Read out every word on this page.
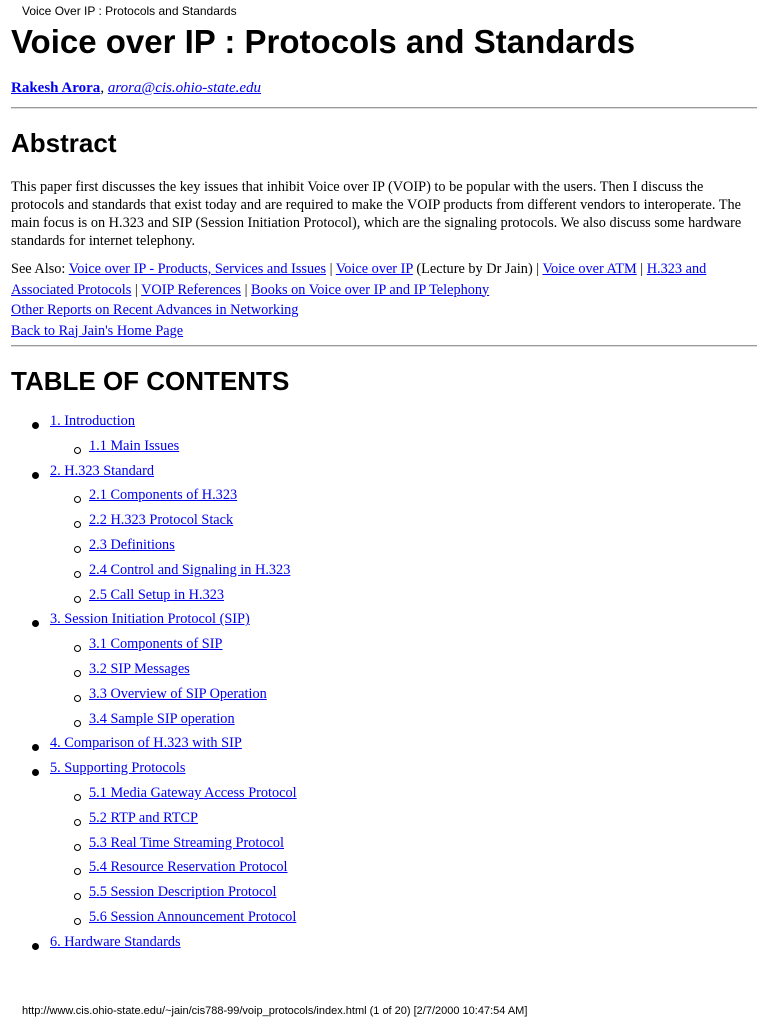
Voice Over IP : Protocols and Standards
Voice over IP : Protocols and Standards
Rakesh Arora, arora@cis.ohio-state.edu
Abstract

This paper first discusses the key issues that inhibit Voice over IP (VOIP) to be popular with the users. Then I discuss the protocols and standards that exist today and are required to make the VOIP products from different vendors to interoperate. The main focus is on H.323 and SIP (Session Initiation Protocol), which are the signaling protocols. We also discuss some hardware standards for internet telephony.

See Also: Voice over IP - Products, Services and Issues | Voice over IP (Lecture by Dr Jain) | Voice over ATM | H.323 and Associated Protocols | VOIP References | Books on Voice over IP and IP Telephony
Other Reports on Recent Advances in Networking
Back to Raj Jain's Home Page
TABLE OF CONTENTS
1. Introduction
1.1 Main Issues
2. H.323 Standard
2.1 Components of H.323
2.2 H.323 Protocol Stack
2.3 Definitions
2.4 Control and Signaling in H.323
2.5 Call Setup in H.323
3. Session Initiation Protocol (SIP)
3.1 Components of SIP
3.2 SIP Messages
3.3 Overview of SIP Operation
3.4 Sample SIP operation
4. Comparison of H.323 with SIP
5. Supporting Protocols
5.1 Media Gateway Access Protocol
5.2 RTP and RTCP
5.3 Real Time Streaming Protocol
5.4 Resource Reservation Protocol
5.5 Session Description Protocol
5.6 Session Announcement Protocol
6. Hardware Standards
http://www.cis.ohio-state.edu/~jain/cis788-99/voip_protocols/index.html (1 of 20) [2/7/2000 10:47:54 AM]
